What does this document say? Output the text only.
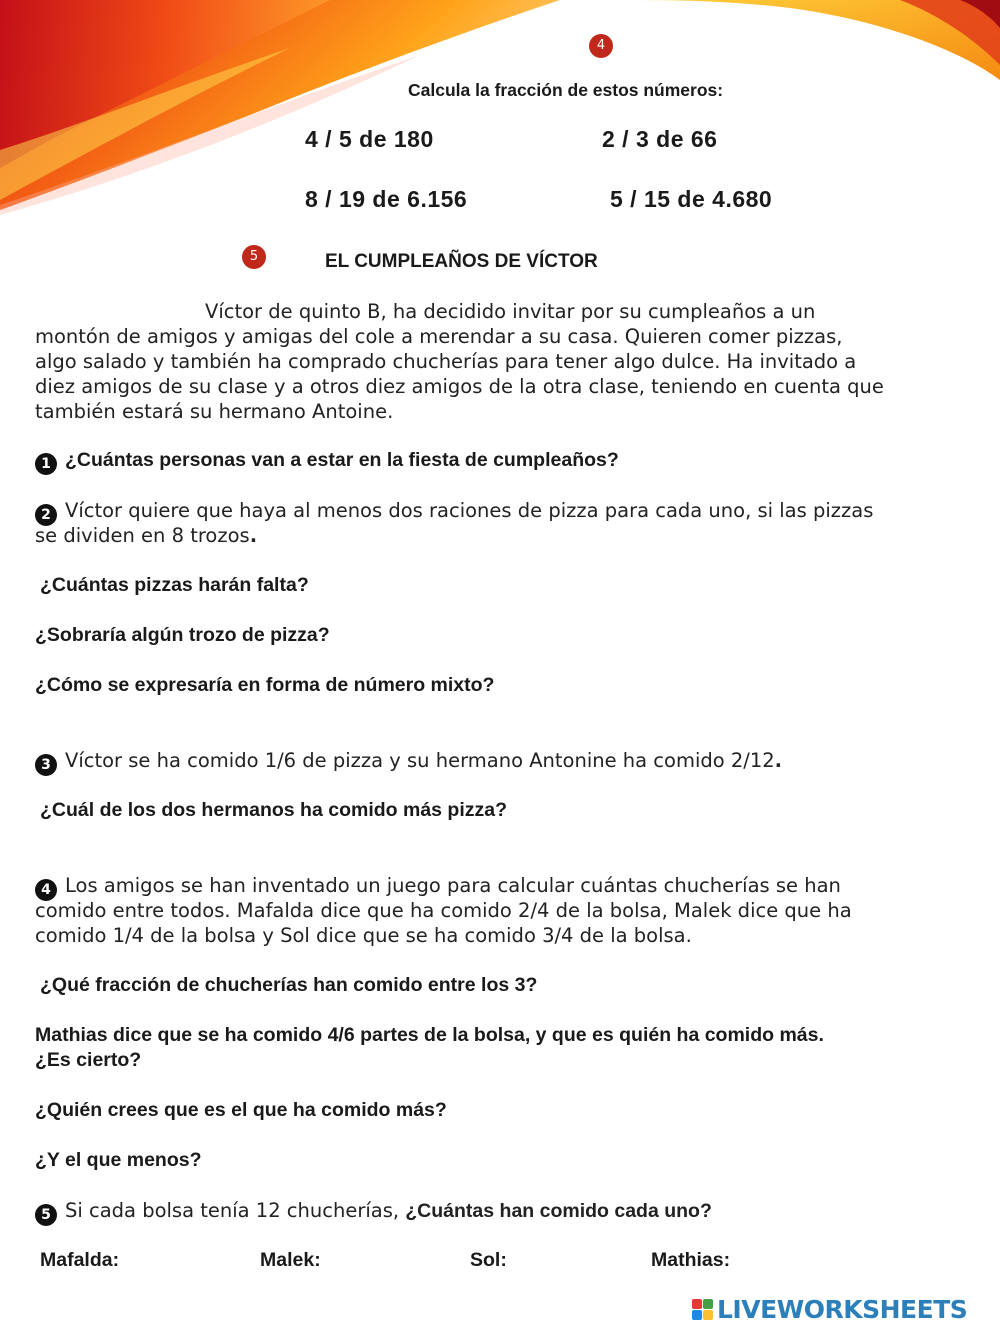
4
Calcula la fracción de estos números:
4 / 5 de 180	2 / 3 de 66
8 / 19 de 6.156	5 / 15 de 4.680
5	EL CUMPLEAÑOS DE VÍCTOR
Víctor de quinto B, ha decidido invitar por su cumpleaños a un
montón de amigos y amigas del cole a merendar a su casa. Quieren comer pizzas,
algo salado y también ha comprado chucherías para tener algo dulce. Ha invitado a
diez amigos de su clase y a otros diez amigos de la otra clase, teniendo en cuenta que
también estará su hermano Antoine.
1 ¿Cuántas personas van a estar en la fiesta de cumpleaños?
2 Víctor quiere que haya al menos dos raciones de pizza para cada uno, si las pizzas
se dividen en 8 trozos.
¿Cuántas pizzas harán falta?
¿Sobraría algún trozo de pizza?
¿Cómo se expresaría en forma de número mixto?
3 Víctor se ha comido 1/6 de pizza y su hermano Antonine ha comido 2/12.
¿Cuál de los dos hermanos ha comido más pizza?
4 Los amigos se han inventado un juego para calcular cuántas chucherías se han
comido entre todos. Mafalda dice que ha comido 2/4 de la bolsa, Malek dice que ha
comido 1/4 de la bolsa y Sol dice que se ha comido 3/4 de la bolsa.
¿Qué fracción de chucherías han comido entre los 3?
Mathias dice que se ha comido 4/6 partes de la bolsa, y que es quién ha comido más.
¿Es cierto?
¿Quién crees que es el que ha comido más?
¿Y el que menos?
5 Si cada bolsa tenía 12 chucherías, ¿Cuántas han comido cada uno?
Mafalda:	Malek:	Sol:	Mathias:
LIVEWORKSHEETS
